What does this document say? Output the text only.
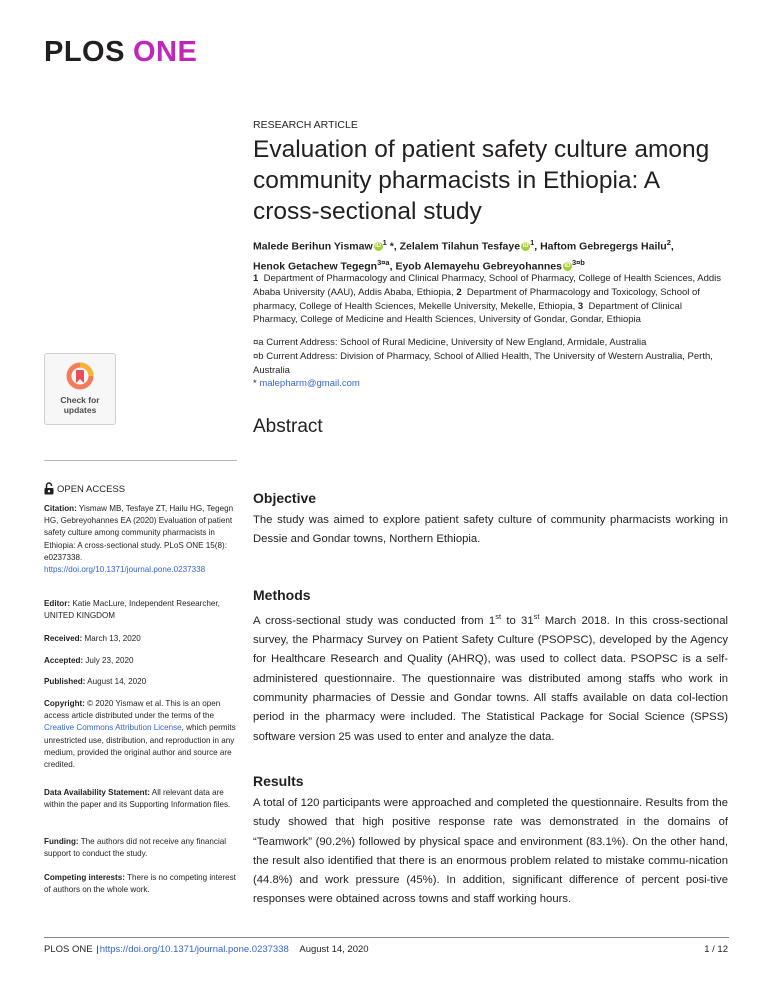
PLOS ONE
RESEARCH ARTICLE
Evaluation of patient safety culture among community pharmacists in Ethiopia: A cross-sectional study
Malede Berihun Yismaw iD $^1$ *, Zelalem Tilahun Tesfaye iD $^1$, Haftom Gebregergs Hailu$^2$,
Henok Getachew Tegegn$^{3¤a}$, Eyob Alemayehu Gebreyohannes iD $^{3¤b}$
1 Department of Pharmacology and Clinical Pharmacy, School of Pharmacy, College of Health Sciences, Addis Ababa University (AAU), Addis Ababa, Ethiopia, 2 Department of Pharmacology and Toxicology, School of pharmacy, College of Health Sciences, Mekelle University, Mekelle, Ethiopia, 3 Department of Clinical Pharmacy, College of Medicine and Health Sciences, University of Gondar, Gondar, Ethiopia

¤a Current Address: School of Rural Medicine, University of New England, Armidale, Australia

¤b Current Address: Division of Pharmacy, School of Allied Health, The University of Western Australia, Perth, Australia

* malepharm@gmail.com

Abstract
Objective
The study was aimed to explore patient safety culture of community pharmacists working in Dessie and Gondar towns, Northern Ethiopia.
Methods
A cross-sectional study was conducted from 1st to 31st March 2018. In this cross-sectional survey, the Pharmacy Survey on Patient Safety Culture (PSOPSC), developed by the Agency for Healthcare Research and Quality (AHRQ), was used to collect data. PSOPSC is a self-administered questionnaire. The questionnaire was distributed among staffs who work in community pharmacies of Dessie and Gondar towns. All staffs available on data col-lection period in the pharmacy were included. The Statistical Package for Social Science (SPSS) software version 25 was used to enter and analyze the data.
Results
A total of 120 participants were approached and completed the questionnaire. Results from the study showed that high positive response rate was demonstrated in the domains of “Teamwork” (90.2%) followed by physical space and environment (83.1%). On the other hand, the result also identified that there is an enormous problem related to mistake commu-nication (44.8%) and work pressure (45%). In addition, significant difference of percent posi-tive responses were obtained across towns and staff working hours.
Check for
updates
OPEN ACCESS
Citation: Yismaw MB, Tesfaye ZT, Hailu HG, Tegegn HG, Gebreyohannes EA (2020) Evaluation of patient safety culture among community pharmacists in Ethiopia: A cross-sectional study. PLoS ONE 15(8): e0237338. https://doi.org/10.1371/journal.pone.0237338
Editor: Katie MacLure, Independent Researcher, UNITED KINGDOM
Received: March 13, 2020
Accepted: July 23, 2020
Published: August 14, 2020
Copyright: © 2020 Yismaw et al. This is an open access article distributed under the terms of the Creative Commons Attribution License, which permits unrestricted use, distribution, and reproduction in any medium, provided the original author and source are credited.
Data Availability Statement: All relevant data are within the paper and its Supporting Information files.
Funding: The authors did not receive any financial support to conduct the study.
Competing interests: There is no competing interest of authors on the whole work.
PLOS ONE |https://doi.org/10.1371/journal.pone.0237338 August 14, 2020	1 / 12
